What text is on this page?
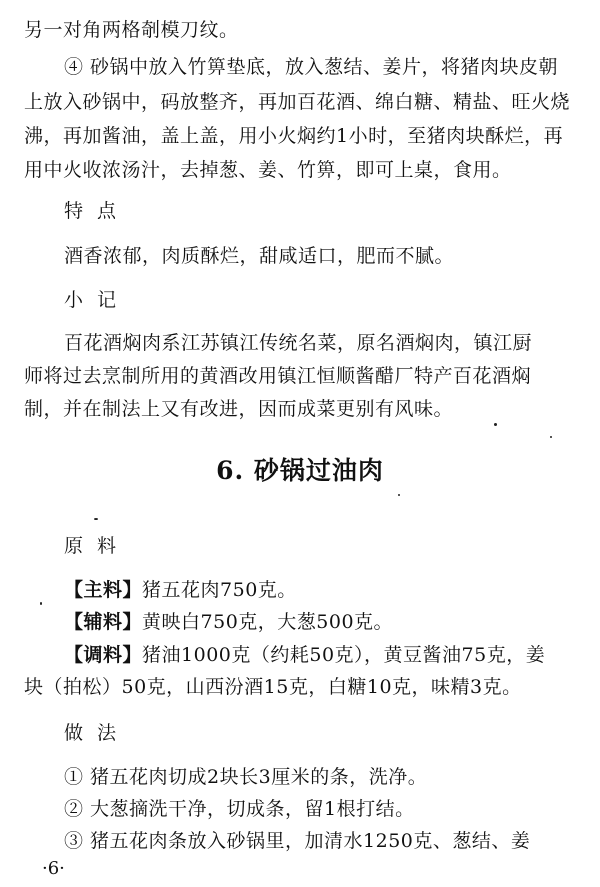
另一对角两格剞模刀纹。
④ 砂锅中放入竹箅垫底，放入葱结、姜片，将猪肉块皮朝
上放入砂锅中，码放整齐，再加百花酒、绵白糖、精盐、旺火烧
沸，再加酱油，盖上盖，用小火焖约1小时，至猪肉块酥烂，再
用中火收浓汤汁，去掉葱、姜、竹箅，即可上桌，食用。
特点
酒香浓郁，肉质酥烂，甜咸适口，肥而不腻。
小记
百花酒焖肉系江苏镇江传统名菜，原名酒焖肉，镇江厨
师将过去烹制所用的黄酒改用镇江恒顺酱醋厂特产百花酒焖
制，并在制法上又有改进，因而成菜更别有风味。
6. 砂锅过油肉
原料
【主料】猪五花肉750克。
【辅料】黄映白750克，大葱500克。
【调料】猪油1000克（约耗50克），黄豆酱油75克，姜
块（拍松）50克，山西汾酒15克，白糖10克，味精3克。
做法
① 猪五花肉切成2块长3厘米的条，洗净。
② 大葱摘洗干净，切成条，留1根打结。
③ 猪五花肉条放入砂锅里，加清水1250克、葱结、姜
·6·
